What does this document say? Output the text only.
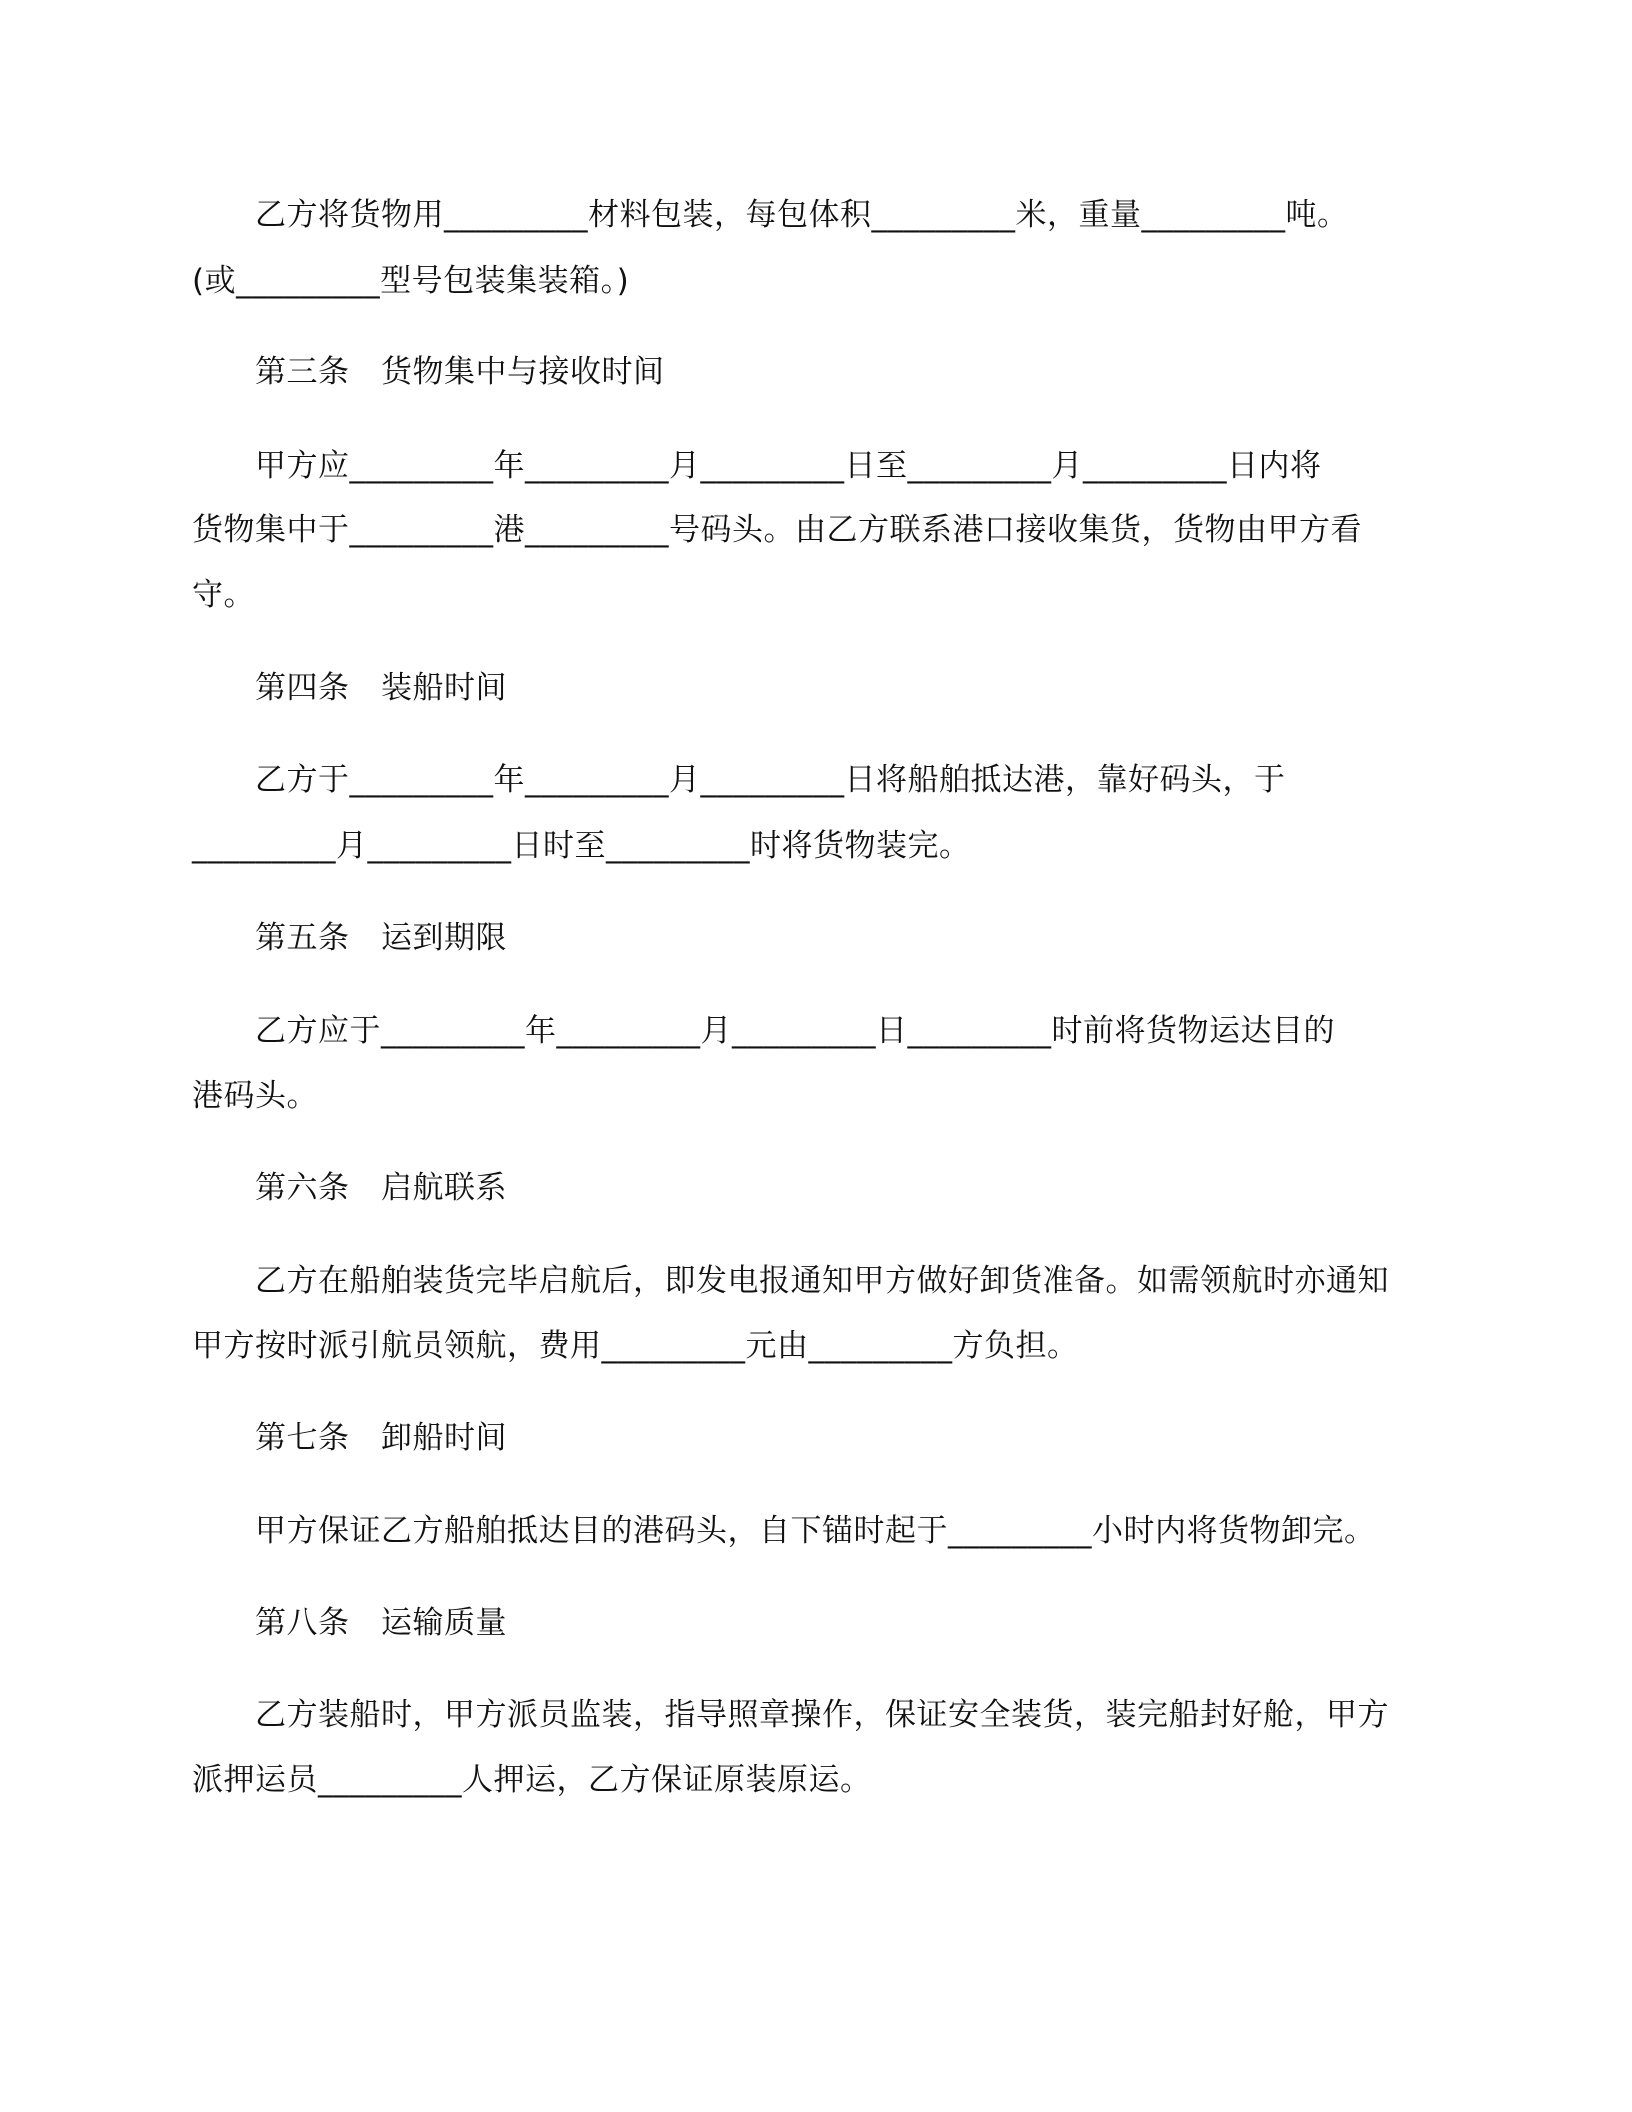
乙方将货物用_________材料包装，每包体积_________米，重量_________吨。
(或_________型号包装集装箱。)
第三条　货物集中与接收时间
甲方应_________年_________月_________日至_________月_________日内将
货物集中于_________港_________号码头。由乙方联系港口接收集货，货物由甲方看
守。
第四条　装船时间
乙方于_________年_________月_________日将船舶抵达港，靠好码头，于
_________月_________日时至_________时将货物装完。
第五条　运到期限
乙方应于_________年_________月_________日_________时前将货物运达目的
港码头。
第六条　启航联系
乙方在船舶装货完毕启航后，即发电报通知甲方做好卸货准备。如需领航时亦通知
甲方按时派引航员领航，费用_________元由_________方负担。
第七条　卸船时间
甲方保证乙方船舶抵达目的港码头，自下锚时起于_________小时内将货物卸完。
第八条　运输质量
乙方装船时，甲方派员监装，指导照章操作，保证安全装货，装完船封好舱，甲方
派押运员_________人押运，乙方保证原装原运。
